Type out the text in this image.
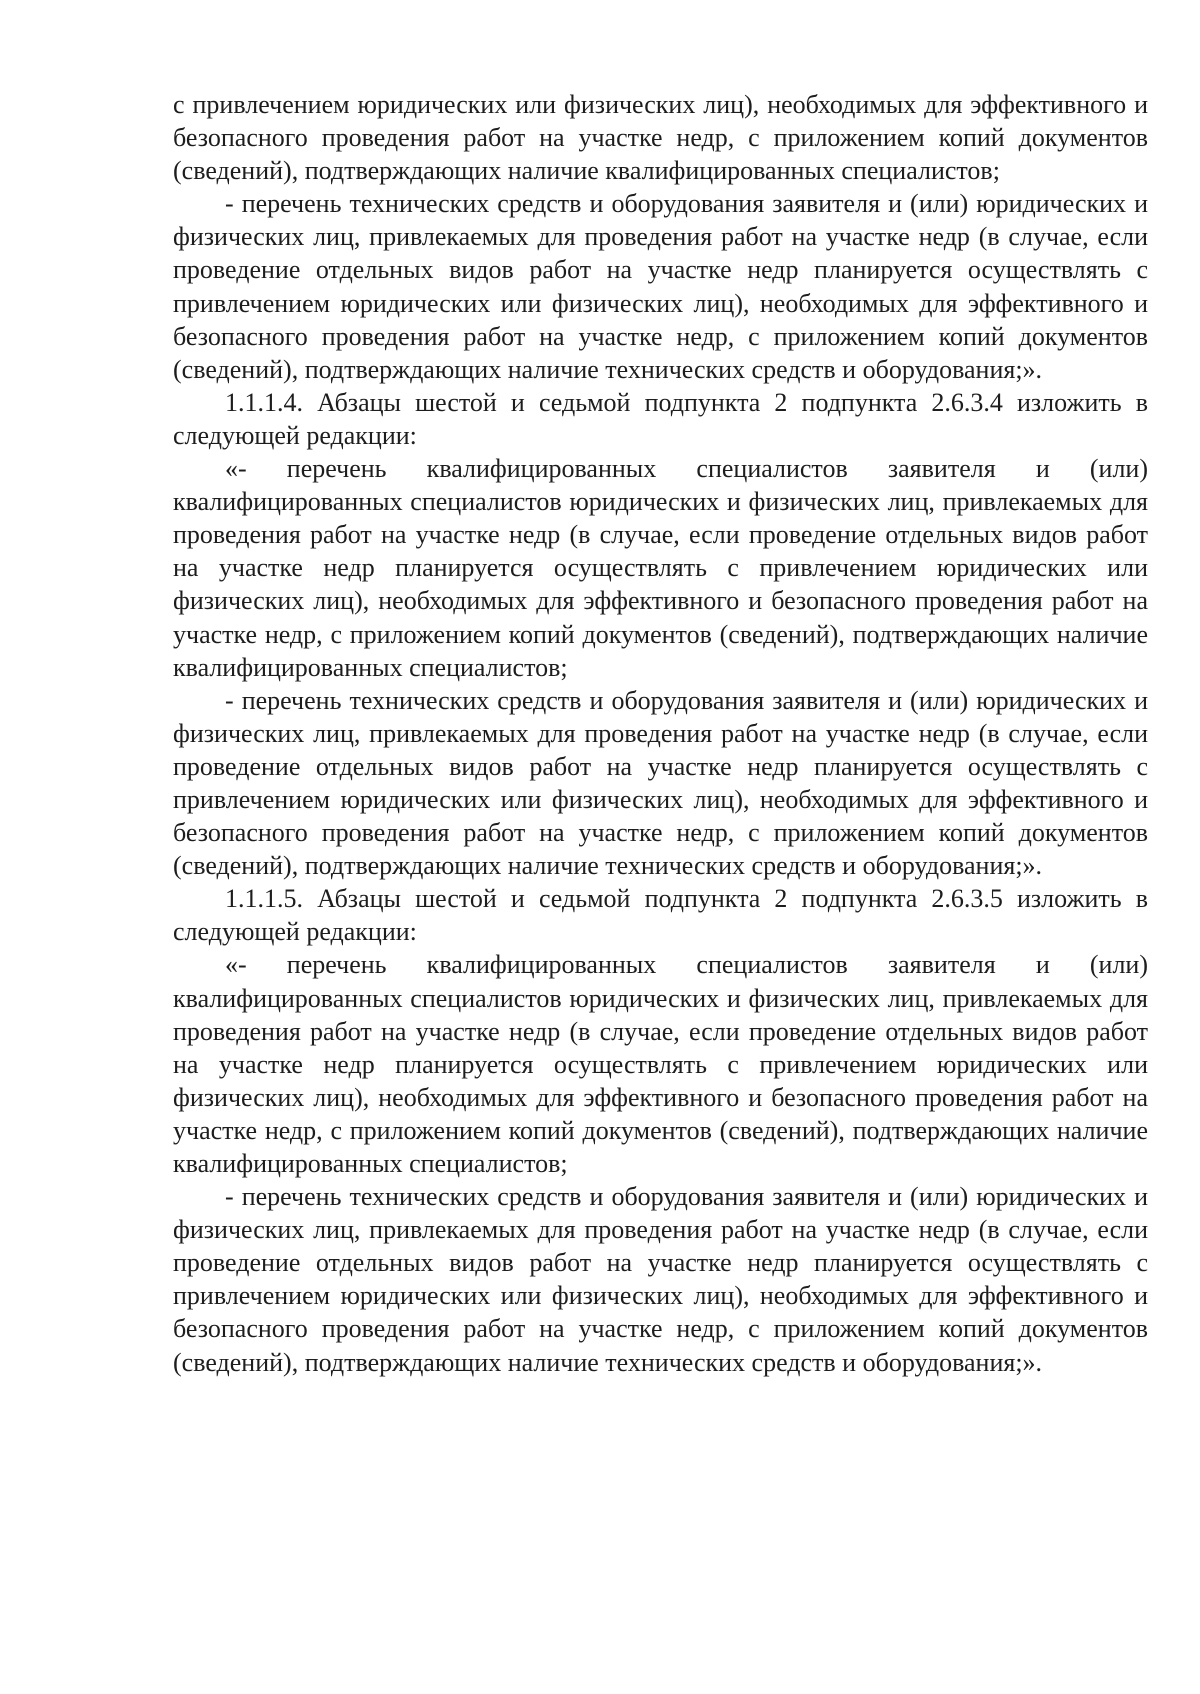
с привлечением юридических или физических лиц), необходимых для эффективного и безопасного проведения работ на участке недр, с приложением копий документов (сведений), подтверждающих наличие квалифицированных специалистов;

- перечень технических средств и оборудования заявителя и (или) юридических и физических лиц, привлекаемых для проведения работ на участке недр (в случае, если проведение отдельных видов работ на участке недр планируется осуществлять с привлечением юридических или физических лиц), необходимых для эффективного и безопасного проведения работ на участке недр, с приложением копий документов (сведений), подтверждающих наличие технических средств и оборудования;».

1.1.1.4. Абзацы шестой и седьмой подпункта 2 подпункта 2.6.3.4 изложить в следующей редакции:

«- перечень квалифицированных специалистов заявителя и (или) квалифицированных специалистов юридических и физических лиц, привлекаемых для проведения работ на участке недр (в случае, если проведение отдельных видов работ на участке недр планируется осуществлять с привлечением юридических или физических лиц), необходимых для эффективного и безопасного проведения работ на участке недр, с приложением копий документов (сведений), подтверждающих наличие квалифицированных специалистов;

- перечень технических средств и оборудования заявителя и (или) юридических и физических лиц, привлекаемых для проведения работ на участке недр (в случае, если проведение отдельных видов работ на участке недр планируется осуществлять с привлечением юридических или физических лиц), необходимых для эффективного и безопасного проведения работ на участке недр, с приложением копий документов (сведений), подтверждающих наличие технических средств и оборудования;».

1.1.1.5. Абзацы шестой и седьмой подпункта 2 подпункта 2.6.3.5 изложить в следующей редакции:

«- перечень квалифицированных специалистов заявителя и (или) квалифицированных специалистов юридических и физических лиц, привлекаемых для проведения работ на участке недр (в случае, если проведение отдельных видов работ на участке недр планируется осуществлять с привлечением юридических или физических лиц), необходимых для эффективного и безопасного проведения работ на участке недр, с приложением копий документов (сведений), подтверждающих наличие квалифицированных специалистов;

- перечень технических средств и оборудования заявителя и (или) юридических и физических лиц, привлекаемых для проведения работ на участке недр (в случае, если проведение отдельных видов работ на участке недр планируется осуществлять с привлечением юридических или физических лиц), необходимых для эффективного и безопасного проведения работ на участке недр, с приложением копий документов (сведений), подтверждающих наличие технических средств и оборудования;».
